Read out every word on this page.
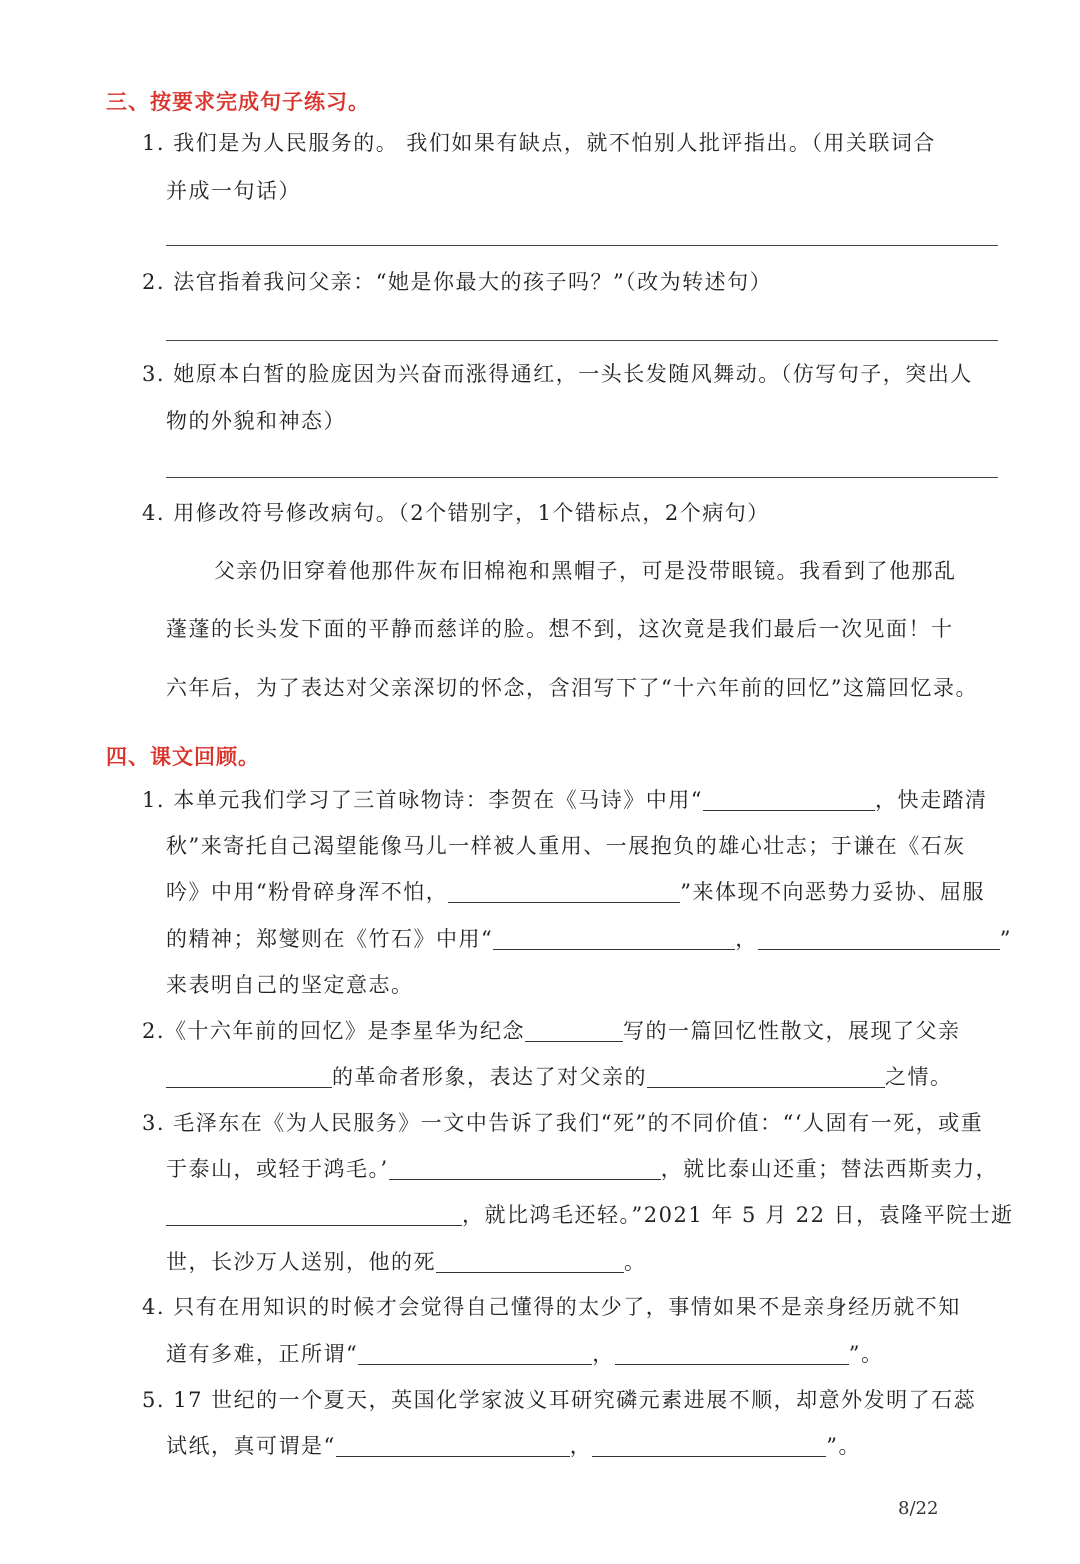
三、按要求完成句子练习。

1. 我们是为人民服务的。 我们如果有缺点，就不怕别人批评指出。（用关联词合

并成一句话）

2. 法官指着我问父亲：“她是你最大的孩子吗？”（改为转述句）

3. 她原本白皙的脸庞因为兴奋而涨得通红，一头长发随风舞动。（仿写句子，突出人

物的外貌和神态）

4. 用修改符号修改病句。（2个错别字，1个错标点，2个病句）

父亲仍旧穿着他那件灰布旧棉袍和黑帽子，可是没带眼镜。我看到了他那乱

蓬蓬的长头发下面的平静而慈详的脸。想不到，这次竟是我们最后一次见面！十

六年后，为了表达对父亲深切的怀念，含泪写下了“十六年前的回忆”这篇回忆录。

四、课文回顾。

1. 本单元我们学习了三首咏物诗：李贺在《马诗》中用“	，快走踏清

秋”来寄托自己渴望能像马儿一样被人重用、一展抱负的雄心壮志；于谦在《石灰

吟》中用“粉骨碎身浑不怕，	”来体现不向恶势力妥协、屈服

的精神；郑燮则在《竹石》中用“	，	”

来表明自己的坚定意志。

2.《十六年前的回忆》是李星华为纪念	写的一篇回忆性散文，展现了父亲

的革命者形象，表达了对父亲的	之情。

3. 毛泽东在《为人民服务》一文中告诉了我们“死”的不同价值：“‘人固有一死，或重

于泰山，或轻于鸿毛。’	，就比泰山还重；替法西斯卖力，

，就比鸿毛还轻。”2021 年 5 月 22 日，袁隆平院士逝

世，长沙万人送别，他的死	。

4. 只有在用知识的时候才会觉得自己懂得的太少了，事情如果不是亲身经历就不知

道有多难，正所谓“	，	”。

5. 17 世纪的一个夏天，英国化学家波义耳研究磷元素进展不顺，却意外发明了石蕊

试纸，真可谓是“	，	”。

8/22
